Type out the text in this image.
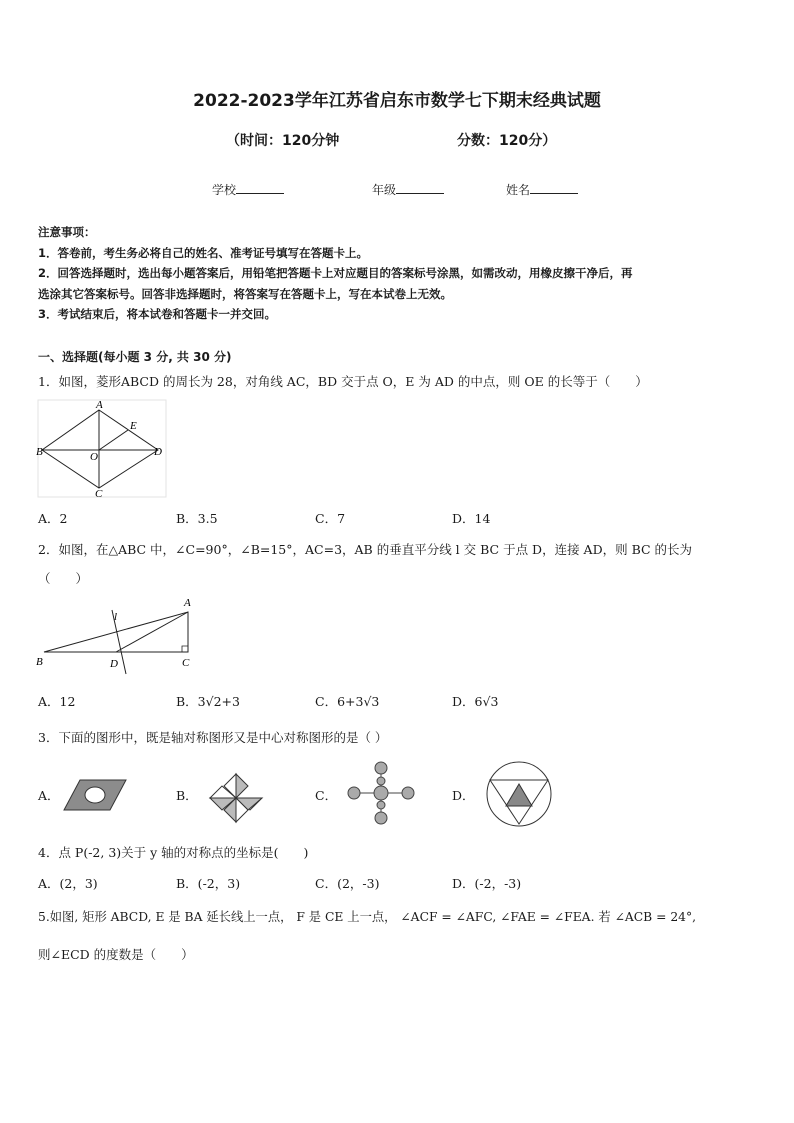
2022-2023学年江苏省启东市数学七下期末经典试题
（时间：120分钟	分数：120分）
学校	年级	姓名
注意事项：
1．答卷前，考生务必将自己的姓名、准考证号填写在答题卡上。
2．回答选择题时，选出每小题答案后，用铅笔把答题卡上对应题目的答案标号涂黑，如需改动，用橡皮擦干净后，再
选涂其它答案标号。回答非选择题时，将答案写在答题卡上，写在本试卷上无效。
3．考试结束后，将本试卷和答题卡一并交回。
一、选择题(每小题 3 分, 共 30 分)
1．如图，菱形ABCD 的周长为 28，对角线 AC，BD 交于点 O，E 为 AD 的中点，则 OE 的长等于（　　）
A
B
C
D
E
O
A．2	B．3.5	C．7	D．14
2．如图，在△ABC 中，∠C=90°，∠B=15°，AC=3，AB 的垂直平分线 l 交 BC 于点 D，连接 AD，则 BC 的长为
（　　）
A
B	C
D
l
A．12	B．3√2+3	C．6+3√3	D．6√3
3．下面的图形中，既是轴对称图形又是中心对称图形的是（ ）
A．	B．	C．	D．
4．点 P(-2, 3)关于 y 轴的对称点的坐标是(　　)
A．(2，3)	B．(-2，3)	C．(2，-3)	D．(-2，-3)
5.如图, 矩形 ABCD, E 是 BA 延长线上一点， F 是 CE 上一点， ∠ACF = ∠AFC, ∠FAE = ∠FEA. 若 ∠ACB = 24°,
则∠ECD 的度数是（　　）
